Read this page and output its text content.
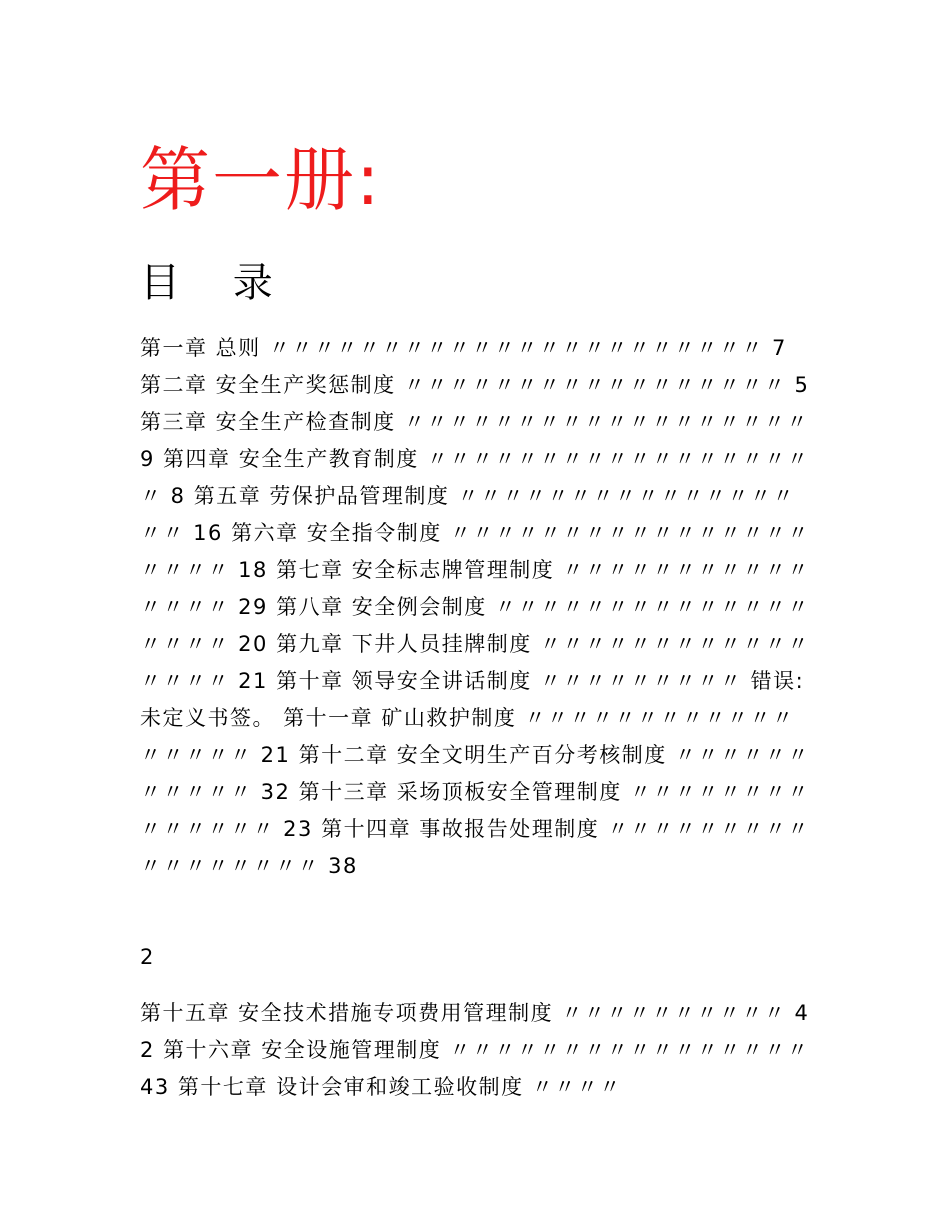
第一册:
目 录

第一章 总则 〃〃〃〃〃〃〃〃〃〃〃〃〃〃〃〃〃〃〃〃〃〃 7 第二章 安全生产奖惩制度 〃〃〃〃〃〃〃〃〃〃〃〃〃〃〃〃〃 5 第三章 安全生产检查制度 〃〃〃〃〃〃〃〃〃〃〃〃〃〃〃〃〃〃 9 第四章 安全生产教育制度 〃〃〃〃〃〃〃〃〃〃〃〃〃〃〃〃〃〃 8 第五章 劳保护品管理制度 〃〃〃〃〃〃〃〃〃〃〃〃〃〃〃〃〃 16 第六章 安全指令制度 〃〃〃〃〃〃〃〃〃〃〃〃〃〃〃〃〃〃〃〃 18 第七章 安全标志牌管理制度 〃〃〃〃〃〃〃〃〃〃〃〃〃〃〃 29 第八章 安全例会制度 〃〃〃〃〃〃〃〃〃〃〃〃〃〃〃〃〃〃 20 第九章 下井人员挂牌制度 〃〃〃〃〃〃〃〃〃〃〃〃〃〃〃〃 21 第十章 领导安全讲话制度 〃〃〃〃〃〃〃〃〃 错误:未定义书签。 第十一章 矿山救护制度 〃〃〃〃〃〃〃〃〃〃〃〃〃〃〃〃〃 21 第十二章 安全文明生产百分考核制度 〃〃〃〃〃〃〃〃〃〃〃 32 第十三章 采场顶板安全管理制度 〃〃〃〃〃〃〃〃〃〃〃〃〃〃 23 第十四章 事故报告处理制度 〃〃〃〃〃〃〃〃〃〃〃〃〃〃〃〃〃 38

2

第十五章 安全技术措施专项费用管理制度 〃〃〃〃〃〃〃〃〃〃 42 第十六章 安全设施管理制度 〃〃〃〃〃〃〃〃〃〃〃〃〃〃〃〃 43 第十七章 设计会审和竣工验收制度 〃〃〃〃
